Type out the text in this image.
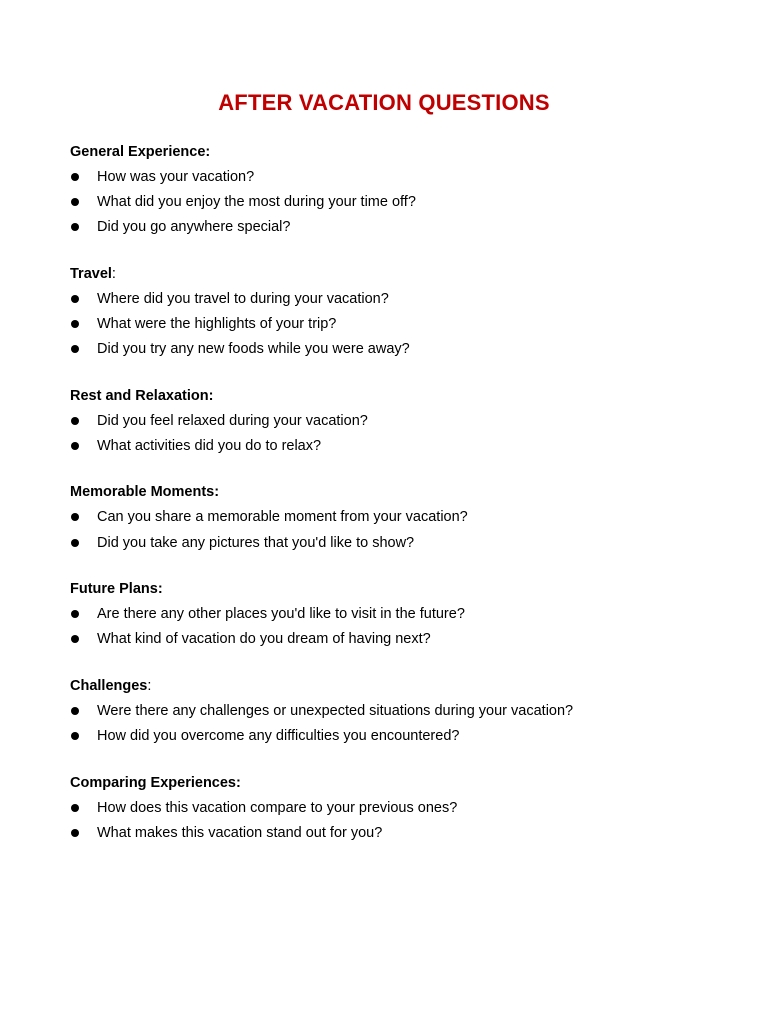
AFTER VACATION QUESTIONS
General Experience:
How was your vacation?
What did you enjoy the most during your time off?
Did you go anywhere special?
Travel:
Where did you travel to during your vacation?
What were the highlights of your trip?
Did you try any new foods while you were away?
Rest and Relaxation:
Did you feel relaxed during your vacation?
What activities did you do to relax?
Memorable Moments:
Can you share a memorable moment from your vacation?
Did you take any pictures that you'd like to show?
Future Plans:
Are there any other places you'd like to visit in the future?
What kind of vacation do you dream of having next?
Challenges:
Were there any challenges or unexpected situations during your vacation?
How did you overcome any difficulties you encountered?
Comparing Experiences:
How does this vacation compare to your previous ones?
What makes this vacation stand out for you?
